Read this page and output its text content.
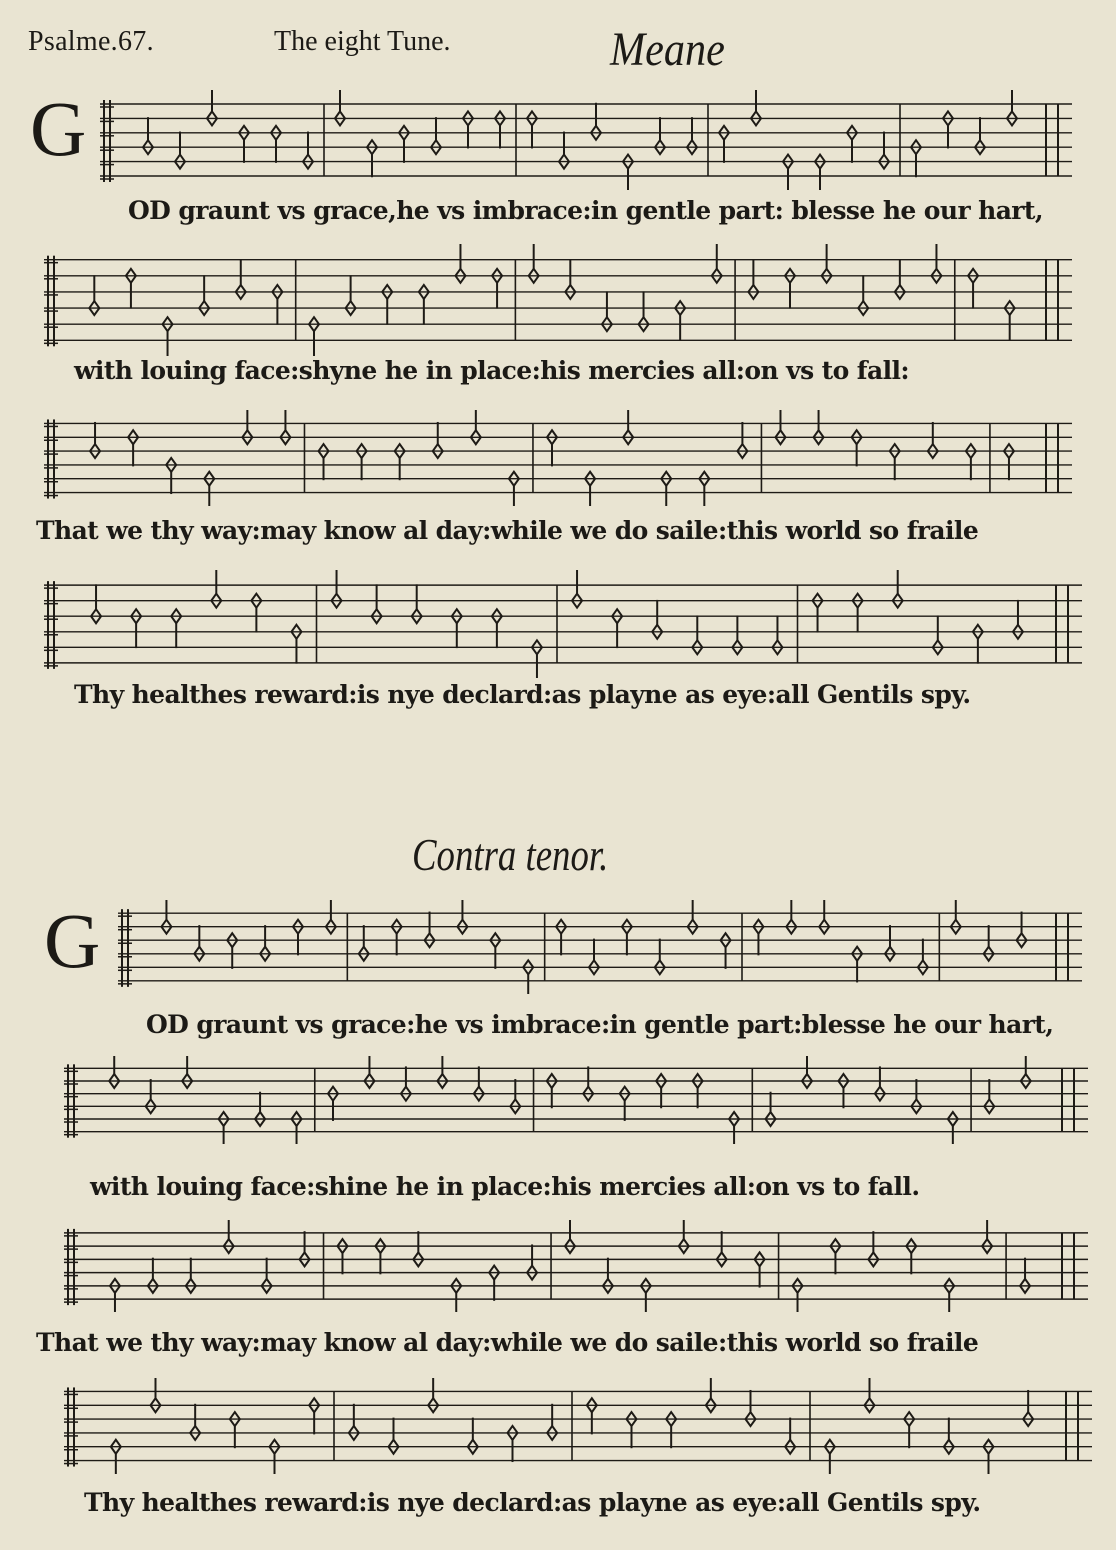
Psalme.67.	The eight Tune.	Meane
G
OD graunt vs grace,he vs imbrace:in gentle part: blesse he our hart,
with louing face:shyne he in place:his mercies all:on vs to fall:
That we thy way:may know al day:while we do saile:this world so fraile
Thy healthes reward:is nye declard:as playne as eye:all Gentils spy.
Contra tenor.
G
OD graunt vs grace:he vs imbrace:in gentle part:blesse he our hart,
with louing face:shine he in place:his mercies all:on vs to fall.
That we thy way:may know al day:while we do saile:this world so fraile
Thy healthes reward:is nye declard:as playne as eye:all Gentils spy.
